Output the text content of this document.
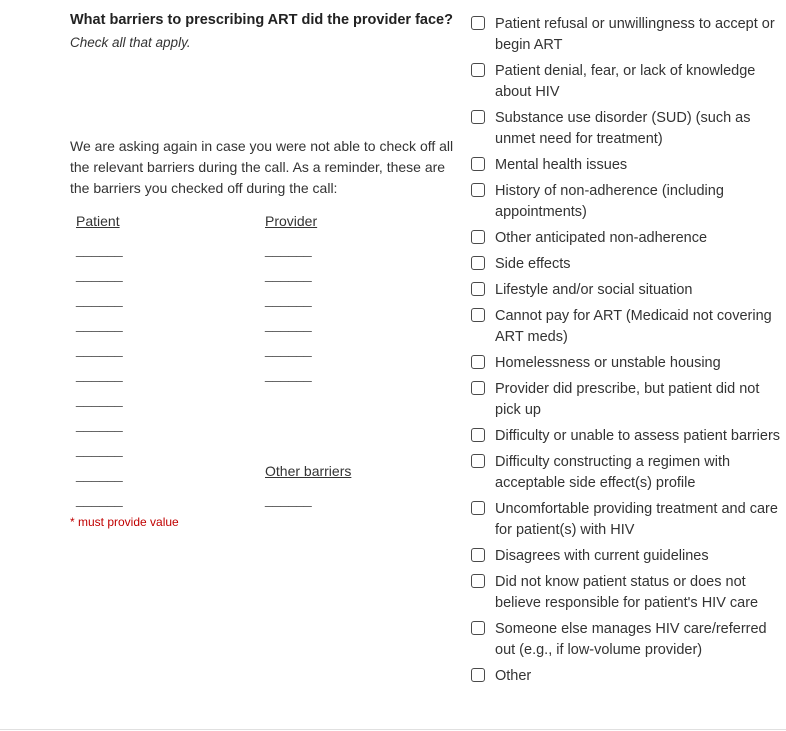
What barriers to prescribing ART did the provider face?
Check all that apply.
We are asking again in case you were not able to check off all the relevant barriers during the call. As a reminder, these are the barriers you checked off during the call:
Patient	Provider
Other barriers
______
______
______
______
______
______
______
______
______
______
______
______
______
______
______
______
______
______
* must provide value
Patient refusal or unwillingness to accept or begin ART
Patient denial, fear, or lack of knowledge about HIV
Substance use disorder (SUD) (such as unmet need for treatment)
Mental health issues
History of non-adherence (including appointments)
Other anticipated non-adherence
Side effects
Lifestyle and/or social situation
Cannot pay for ART (Medicaid not covering ART meds)
Homelessness or unstable housing
Provider did prescribe, but patient did not pick up
Difficulty or unable to assess patient barriers
Difficulty constructing a regimen with acceptable side effect(s) profile
Uncomfortable providing treatment and care for patient(s) with HIV
Disagrees with current guidelines
Did not know patient status or does not believe responsible for patient's HIV care
Someone else manages HIV care/referred out (e.g., if low-volume provider)
Other
